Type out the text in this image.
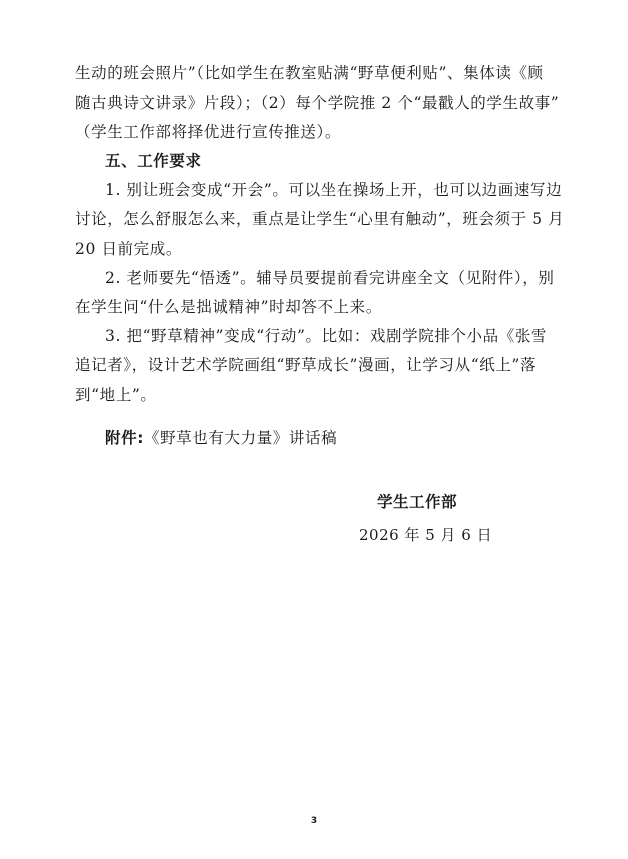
生动的班会照片”（比如学生在教室贴满“野草便利贴”、集体读《顾
随古典诗文讲录》片段）；（2）每个学院推 2 个“最戳人的学生故事”
（学生工作部将择优进行宣传推送）。
五、工作要求
1. 别让班会变成“开会”。可以坐在操场上开，也可以边画速写边
讨论，怎么舒服怎么来，重点是让学生“心里有触动”，班会须于 5 月
20 日前完成。
2. 老师要先“悟透”。辅导员要提前看完讲座全文（见附件），别
在学生问“什么是拙诚精神”时却答不上来。
3. 把“野草精神”变成“行动”。比如：戏剧学院排个小品《张雪
追记者》，设计艺术学院画组“野草成长”漫画，让学习从“纸上”落
到“地上”。
附件:《野草也有大力量》讲话稿
学生工作部
2026 年 5 月 6 日
3
